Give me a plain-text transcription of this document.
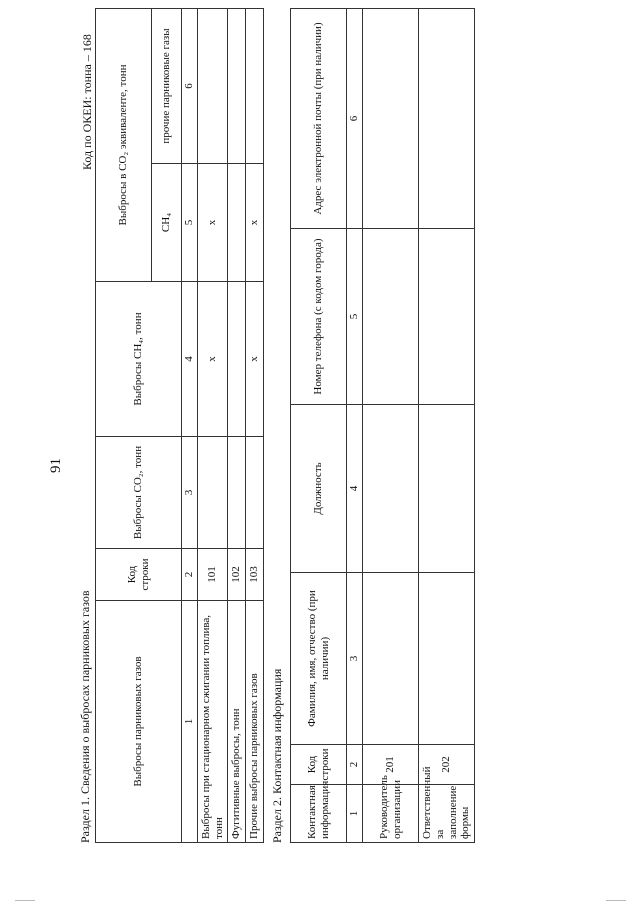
91
Раздел 1. Сведения о выбросах парниковых газов
Код по ОКЕИ: тонна – 168
Выбросы парниковых газов	Код строки	Выбросы CO₂, тонн	Выбросы CH₄, тонн	Выбросы в CO₂ эквиваленте, тонн	
				CH₄	прочие парниковые газы
1	2	3	4	5	6
Выбросы при стационарном сжигании топлива, тонн	101		x	x	
Фугитивные выбросы, тонн	102				
Прочие выбросы парниковых газов	103		x	x	
Раздел 2. Контактная информация Контактная информация	Код строки	Фамилия, имя, отчество (при наличии)	Должность	Номер телефона (с кодом города)	Адрес электронной почты (при наличии)
1	2	3	4	5	6
Руководитель организации	201				
Ответственный за заполнение формы	202				
